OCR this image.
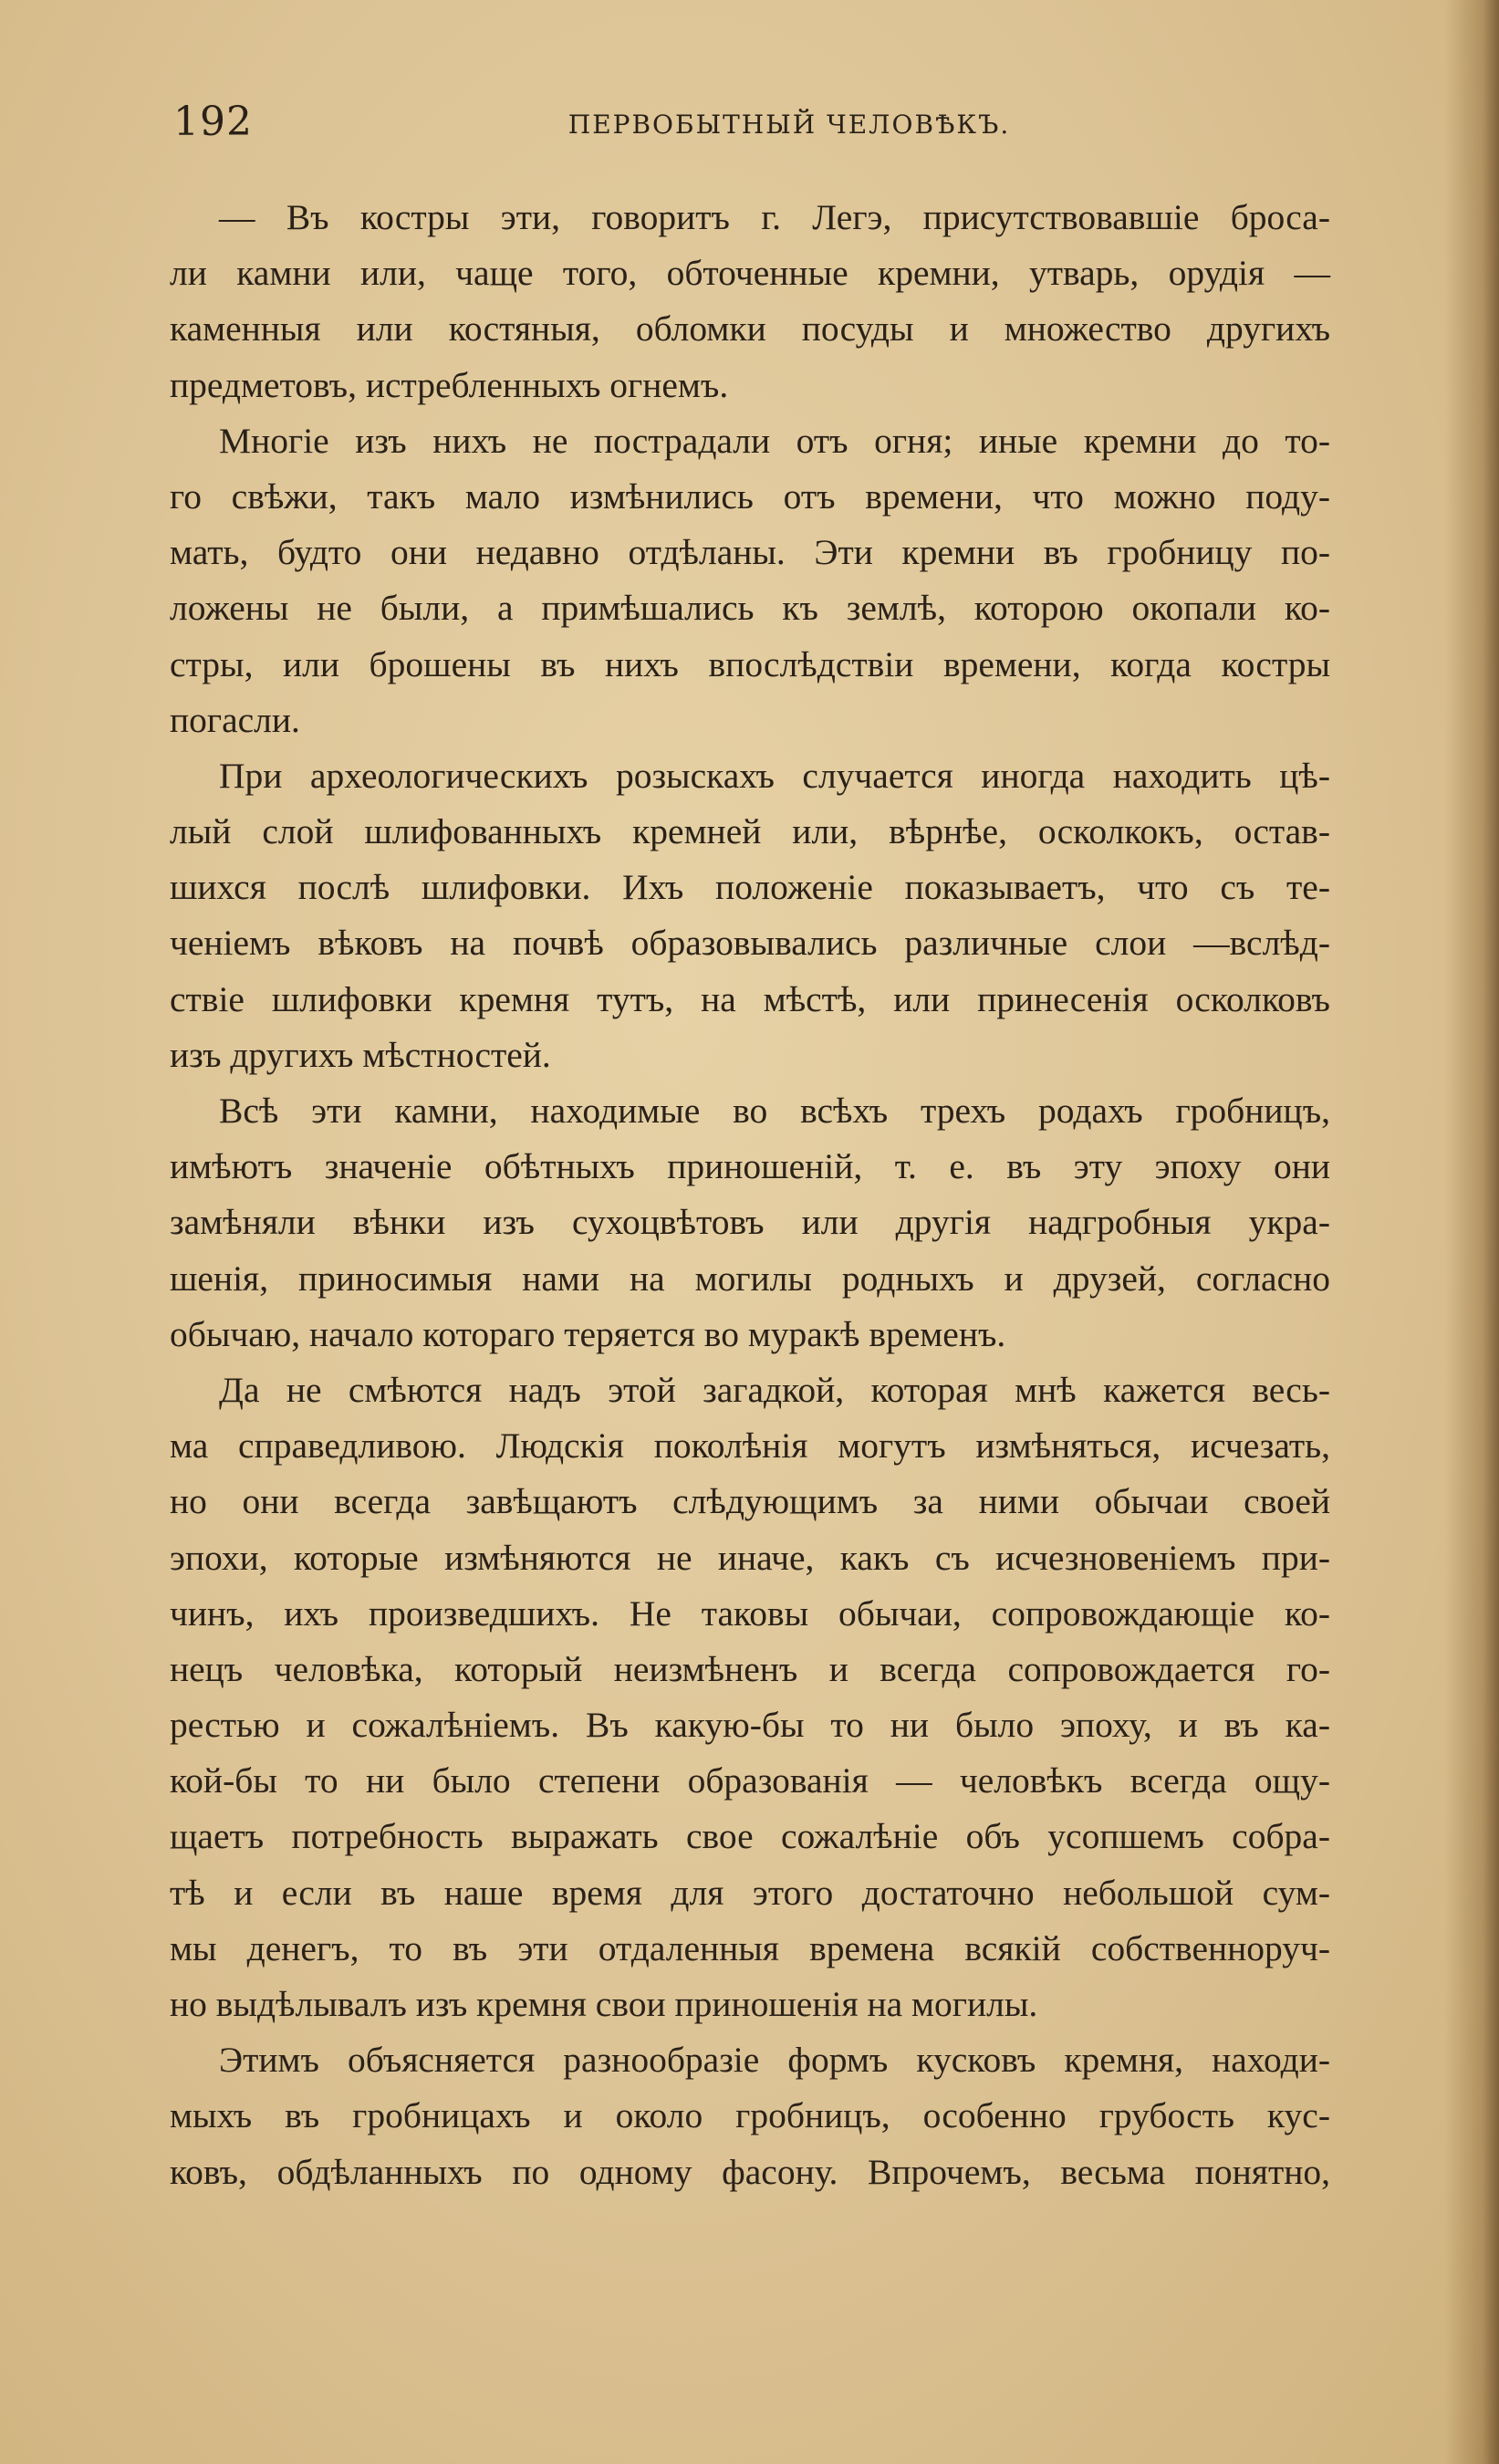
192	ПЕРВОБЫТНЫЙ ЧЕЛОВѢКЪ.
— Въ костры эти, говоритъ г. Легэ, присутствовавшіе броса-
ли камни или, чаще того, обточенные кремни, утварь, орудія —
каменныя или костяныя, обломки посуды и множество другихъ
предметовъ, истребленныхъ огнемъ.
Многіе изъ нихъ не пострадали отъ огня; иные кремни до то-
го свѣжи, такъ мало измѣнились отъ времени, что можно поду-
мать, будто они недавно отдѣланы. Эти кремни въ гробницу по-
ложены не были, а примѣшались къ землѣ, которою окопали ко-
стры, или брошены въ нихъ впослѣдствіи времени, когда костры
погасли.
При археологическихъ розыскахъ случается иногда находить цѣ-
лый слой шлифованныхъ кремней или, вѣрнѣе, осколкокъ, остав-
шихся послѣ шлифовки. Ихъ положеніе показываетъ, что съ те-
ченіемъ вѣковъ на почвѣ образовывались различные слои —вслѣд-
ствіе шлифовки кремня тутъ, на мѣстѣ, или принесенія осколковъ
изъ другихъ мѣстностей.
Всѣ эти камни, находимые во всѣхъ трехъ родахъ гробницъ,
имѣютъ значеніе обѣтныхъ приношеній, т. е. въ эту эпоху они
замѣняли вѣнки изъ сухоцвѣтовъ или другія надгробныя укра-
шенія, приносимыя нами на могилы родныхъ и друзей, согласно
обычаю, начало котораго теряется во муракѣ временъ.
Да не смѣются надъ этой загадкой, которая мнѣ кажется весь-
ма справедливою. Людскія поколѣнія могутъ измѣняться, исчезать,
но они всегда завѣщаютъ слѣдующимъ за ними обычаи своей
эпохи, которые измѣняются не иначе, какъ съ исчезновеніемъ при-
чинъ, ихъ произведшихъ. Не таковы обычаи, сопровождающіе ко-
нецъ человѣка, который неизмѣненъ и всегда сопровождается го-
рестью и сожалѣніемъ. Въ какую-бы то ни было эпоху, и въ ка-
кой-бы то ни было степени образованія — человѣкъ всегда ощу-
щаетъ потребность выражать свое сожалѣніе объ усопшемъ собра-
тѣ и если въ наше время для этого достаточно небольшой сум-
мы денегъ, то въ эти отдаленныя времена всякій собственноруч-
но выдѣлывалъ изъ кремня свои приношенія на могилы.
Этимъ объясняется разнообразіе формъ кусковъ кремня, находи-
мыхъ въ гробницахъ и около гробницъ, особенно грубость кус-
ковъ, обдѣланныхъ по одному фасону. Впрочемъ, весьма понятно,
